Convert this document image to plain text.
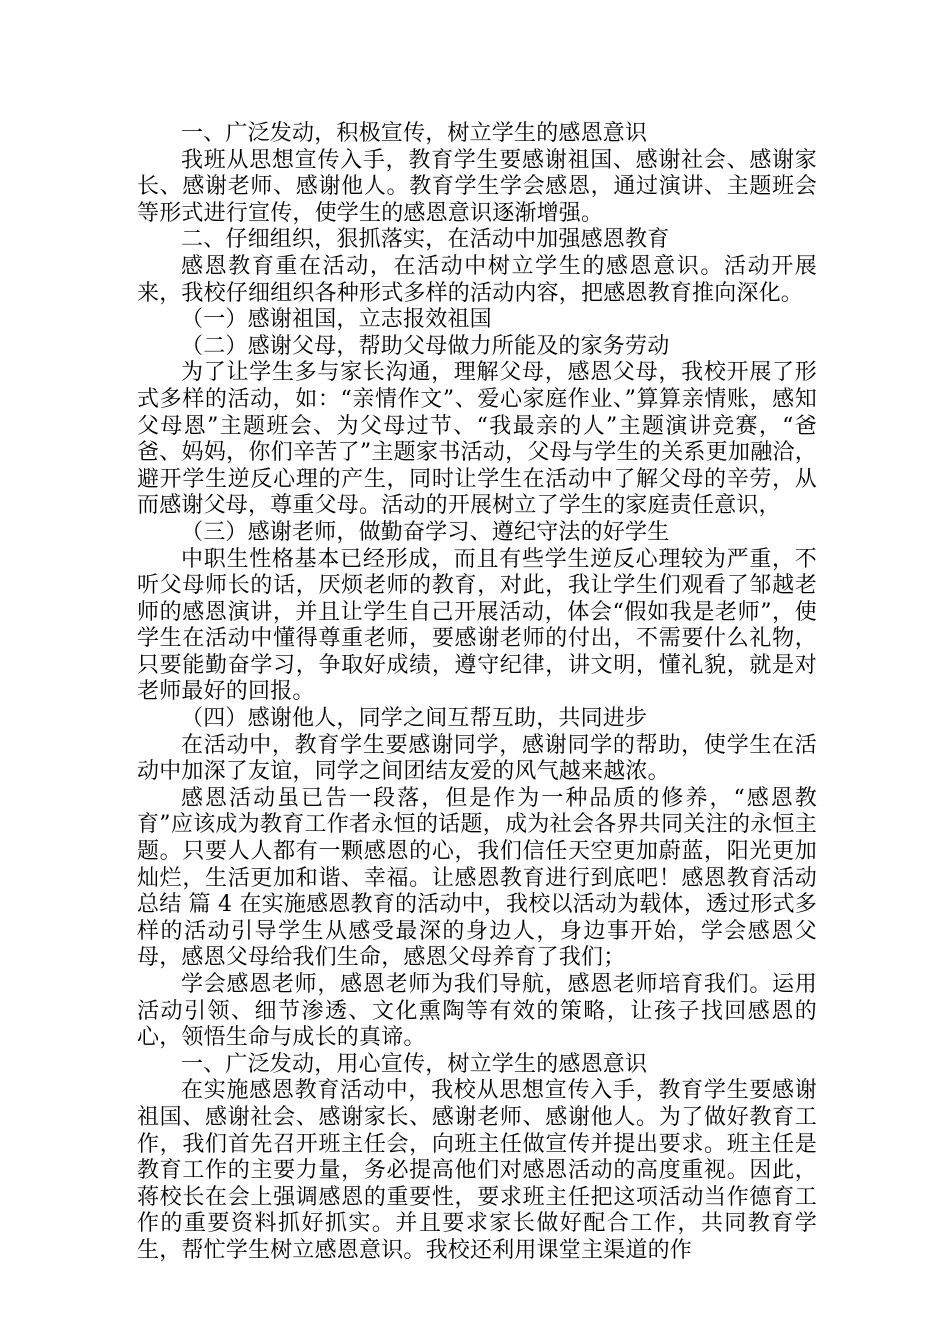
一、广泛发动，积极宣传，树立学生的感恩意识

我班从思想宣传入手，教育学生要感谢祖国、感谢社会、感谢家长、感谢老师、感谢他人。教育学生学会感恩，通过演讲、主题班会等形式进行宣传，使学生的感恩意识逐渐增强。

二、仔细组织，狠抓落实，在活动中加强感恩教育

感恩教育重在活动，在活动中树立学生的感恩意识。活动开展来，我校仔细组织各种形式多样的活动内容，把感恩教育推向深化。

（一）感谢祖国，立志报效祖国

（二）感谢父母，帮助父母做力所能及的家务劳动

为了让学生多与家长沟通，理解父母，感恩父母，我校开展了形式多样的活动，如：“亲情作文”、爱心家庭作业、”算算亲情账，感知父母恩”主题班会、为父母过节、“我最亲的人”主题演讲竞赛，“爸爸、妈妈，你们辛苦了”主题家书活动，父母与学生的关系更加融洽，避开学生逆反心理的产生，同时让学生在活动中了解父母的辛劳，从而感谢父母，尊重父母。活动的开展树立了学生的家庭责任意识，

（三）感谢老师，做勤奋学习、遵纪守法的好学生

中职生性格基本已经形成，而且有些学生逆反心理较为严重，不听父母师长的话，厌烦老师的教育，对此，我让学生们观看了邹越老师的感恩演讲，并且让学生自己开展活动，体会“假如我是老师”，使学生在活动中懂得尊重老师，要感谢老师的付出，不需要什么礼物，只要能勤奋学习，争取好成绩，遵守纪律，讲文明，懂礼貌，就是对老师最好的回报。

（四）感谢他人，同学之间互帮互助，共同进步

在活动中，教育学生要感谢同学，感谢同学的帮助，使学生在活动中加深了友谊，同学之间团结友爱的风气越来越浓。

感恩活动虽已告一段落，但是作为一种品质的修养，“感恩教育”应该成为教育工作者永恒的话题，成为社会各界共同关注的永恒主题。只要人人都有一颗感恩的心，我们信任天空更加蔚蓝，阳光更加灿烂，生活更加和谐、幸福。让感恩教育进行到底吧！感恩教育活动总结 篇 4 在实施感恩教育的活动中，我校以活动为载体，透过形式多样的活动引导学生从感受最深的身边人，身边事开始，学会感恩父母，感恩父母给我们生命，感恩父母养育了我们；

学会感恩老师，感恩老师为我们导航，感恩老师培育我们。运用活动引领、细节渗透、文化熏陶等有效的策略，让孩子找回感恩的心，领悟生命与成长的真谛。

一、广泛发动，用心宣传，树立学生的感恩意识

在实施感恩教育活动中，我校从思想宣传入手，教育学生要感谢祖国、感谢社会、感谢家长、感谢老师、感谢他人。为了做好教育工作，我们首先召开班主任会，向班主任做宣传并提出要求。班主任是教育工作的主要力量，务必提高他们对感恩活动的高度重视。因此，蒋校长在会上强调感恩的重要性，要求班主任把这项活动当作德育工作的重要资料抓好抓实。并且要求家长做好配合工作，共同教育学生，帮忙学生树立感恩意识。我校还利用课堂主渠道的作
